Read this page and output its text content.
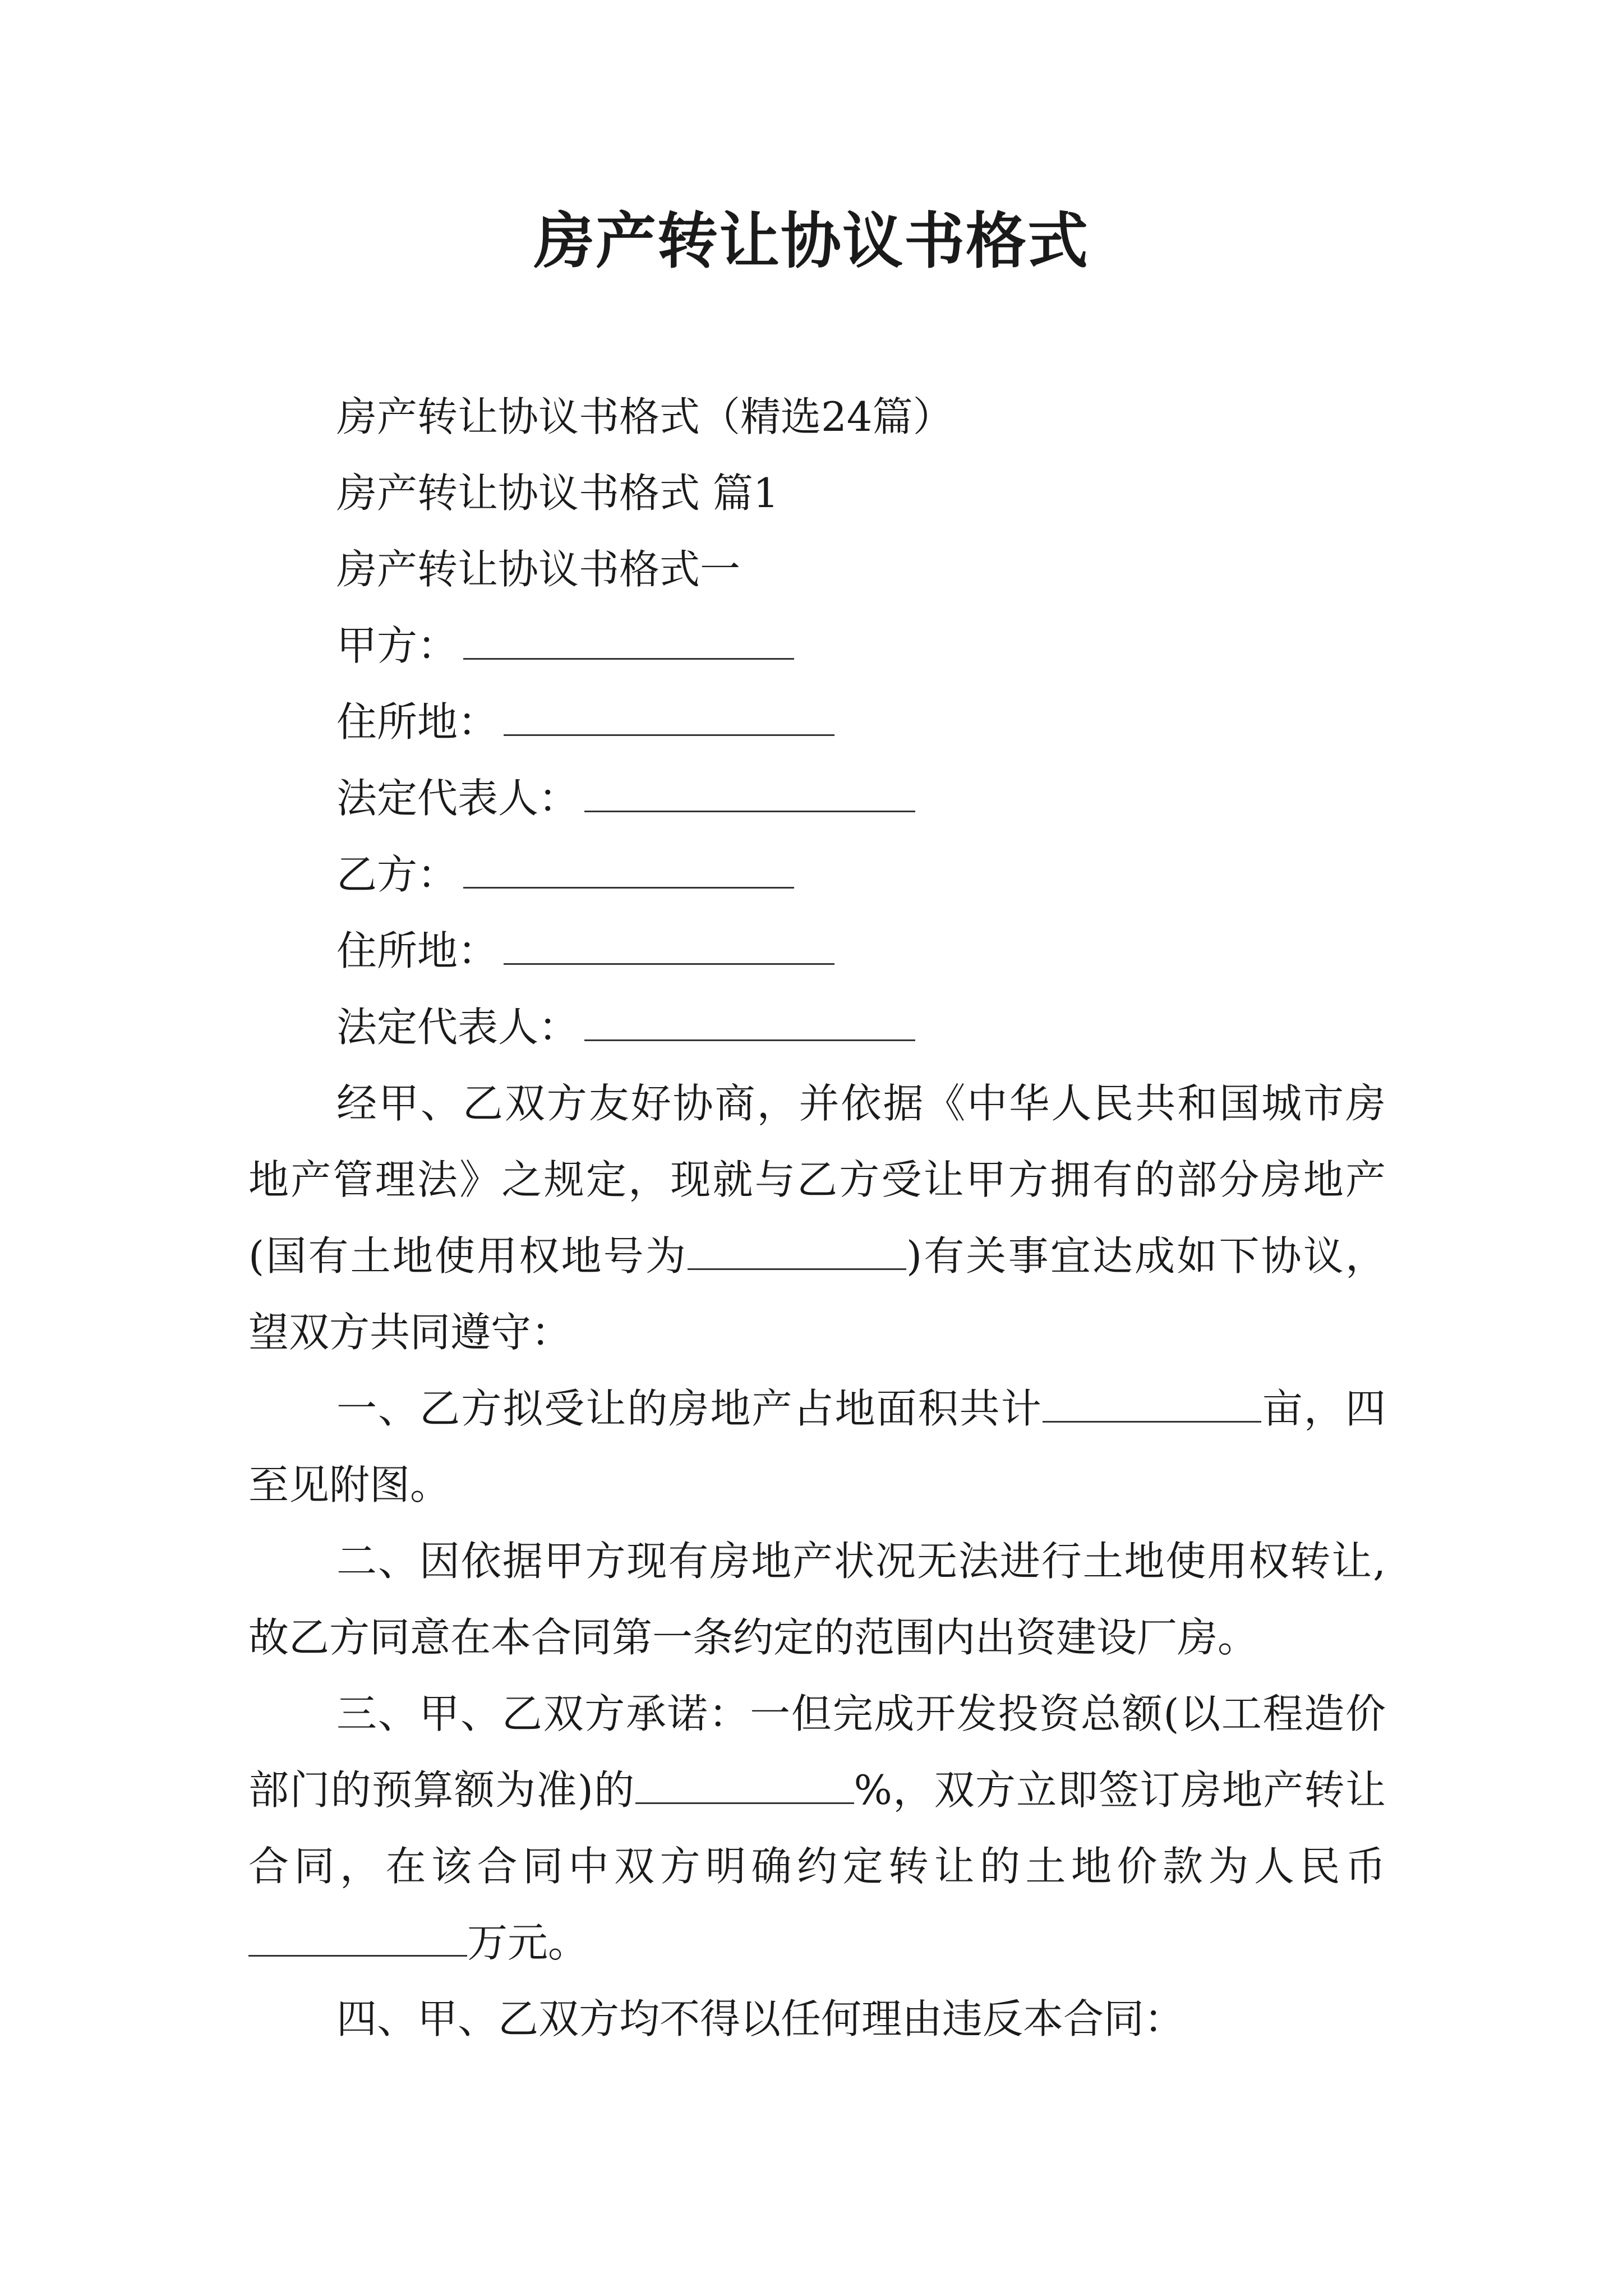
房产转让协议书格式
房产转让协议书格式（精选24篇）
房产转让协议书格式 篇1
房产转让协议书格式一
甲方：
住所地：
法定代表人：
乙方：
住所地：
法定代表人：

经甲、乙双方友好协商，并依据《中华人民共和国城市房地产管理法》之规定，现就与乙方受让甲方拥有的部分房地产(国有土地使用权地号为	)有关事宜达成如下协议，望双方共同遵守：

一、乙方拟受让的房地产占地面积共计	亩，四至见附图。

二、因依据甲方现有房地产状况无法进行土地使用权转让,故乙方同意在本合同第一条约定的范围内出资建设厂房。

三、甲、乙双方承诺：一但完成开发投资总额(以工程造价部门的预算额为准)的	%，双方立即签订房地产转让合同，在该合同中双方明确约定转让的土地价款为人民币万元。

四、甲、乙双方均不得以任何理由违反本合同：
